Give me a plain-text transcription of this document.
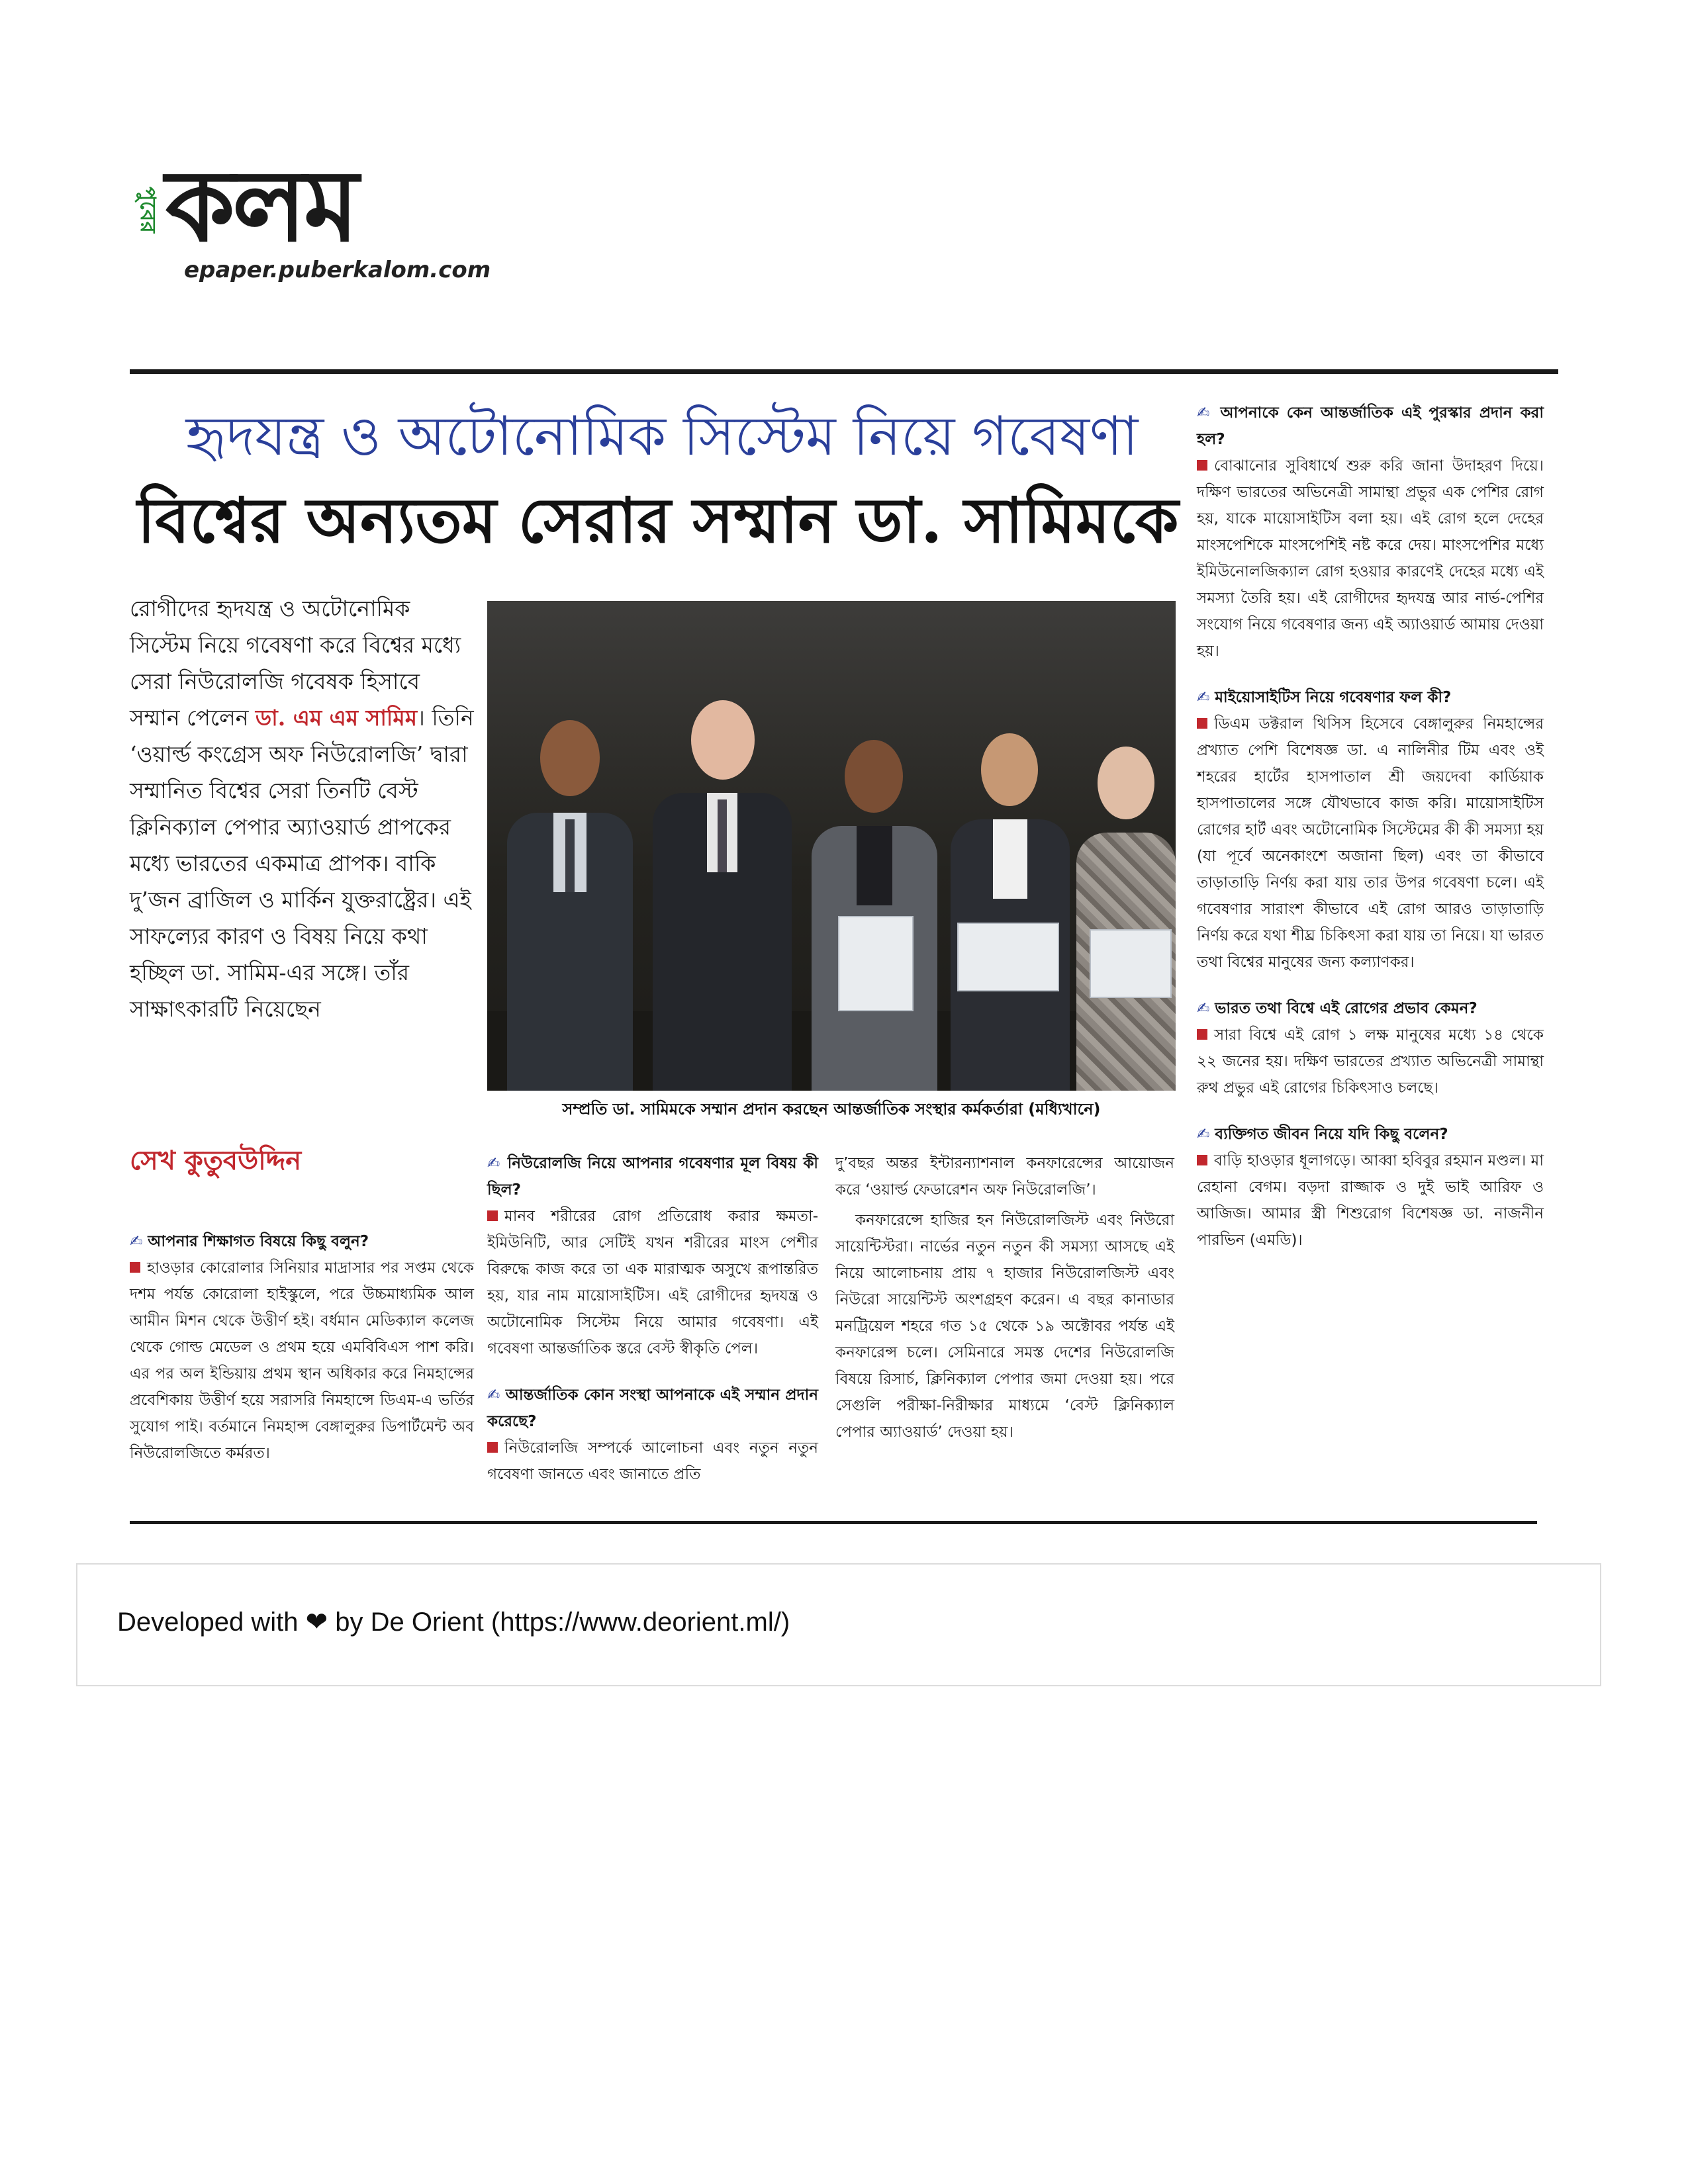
পুবের কলম
epaper.puberkalom.com
হৃদযন্ত্র ও অটোনোমিক সিস্টেম নিয়ে গবেষণা
বিশ্বের অন্যতম সেরার সম্মান ডা. সামিমকে
রোগীদের হৃদযন্ত্র ও অটোনোমিক সিস্টেম নিয়ে গবেষণা করে বিশ্বের মধ্যে সেরা নিউরোলজি গবেষক হিসাবে সম্মান পেলেন ডা. এম এম সামিম। তিনি ‘ওয়ার্ল্ড কংগ্রেস অফ নিউরোলজি’ দ্বারা সম্মানিত বিশ্বের সেরা তিনটি বেস্ট ক্লিনিক্যাল পেপার অ্যাওয়ার্ড প্রাপকের মধ্যে ভারতের একমাত্র প্রাপক। বাকি দু’জন ব্রাজিল ও মার্কিন যুক্তরাষ্ট্রের। এই সাফল্যের কারণ ও বিষয় নিয়ে কথা হচ্ছিল ডা. সামিম-এর সঙ্গে। তাঁর সাক্ষাৎকারটি নিয়েছেন
সেখ কুতুবউদ্দিন
সম্প্রতি ডা. সামিমকে সম্মান প্রদান করছেন আন্তর্জাতিক সংস্থার কর্মকর্তারা (মধ্যিখানে)
✍ আপনার শিক্ষাগত বিষয়ে কিছু বলুন?
হাওড়ার কোরোলার সিনিয়ার মাদ্রাসার পর সপ্তম থেকে দশম পর্যন্ত কোরোলা হাইস্কুলে, পরে উচ্চমাধ্যমিক আল আমীন মিশন থেকে উত্তীর্ণ হই। বর্ধমান মেডিক্যাল কলেজ থেকে গোল্ড মেডেল ও প্রথম হয়ে এমবিবিএস পাশ করি। এর পর অল ইন্ডিয়ায় প্রথম স্থান অধিকার করে নিমহান্সের প্রবেশিকায় উত্তীর্ণ হয়ে সরাসরি নিমহান্সে ডিএম-এ ভর্তির সুযোগ পাই। বর্তমানে নিমহান্স বেঙ্গালুরুর ডিপার্টমেন্ট অব নিউরোলজিতে কর্মরত।
✍ নিউরোলজি নিয়ে আপনার গবেষণার মূল বিষয় কী ছিল?
মানব শরীরের রোগ প্রতিরোধ করার ক্ষমতা-ইমিউনিটি, আর সেটিই যখন শরীরের মাংস পেশীর বিরুদ্ধে কাজ করে তা এক মারাত্মক অসুখে রূপান্তরিত হয়, যার নাম মায়োসাইটিস। এই রোগীদের হৃদযন্ত্র ও অটোনোমিক সিস্টেম নিয়ে আমার গবেষণা। এই গবেষণা আন্তর্জাতিক স্তরে বেস্ট স্বীকৃতি পেল।
✍ আন্তর্জাতিক কোন সংস্থা আপনাকে এই সম্মান প্রদান করেছে?
নিউরোলজি সম্পর্কে আলোচনা এবং নতুন নতুন গবেষণা জানতে এবং জানাতে প্রতি
দু’বছর অন্তর ইন্টারন্যাশনাল কনফারেন্সের আয়োজন করে ‘ওয়ার্ল্ড ফেডারেশন অফ নিউরোলজি’।
কনফারেন্সে হাজির হন নিউরোলজিস্ট এবং নিউরো সায়েন্টিস্টরা। নার্ভের নতুন নতুন কী সমস্যা আসছে এই নিয়ে আলোচনায় প্রায় ৭ হাজার নিউরোলজিস্ট এবং নিউরো সায়েন্টিস্ট অংশগ্রহণ করেন। এ বছর কানাডার মনট্রিয়েল শহরে গত ১৫ থেকে ১৯ অক্টোবর পর্যন্ত এই কনফারেন্স চলে। সেমিনারে সমস্ত দেশের নিউরোলজি বিষয়ে রিসার্চ, ক্লিনিক্যাল পেপার জমা দেওয়া হয়। পরে সেগুলি পরীক্ষা-নিরীক্ষার মাধ্যমে ‘বেস্ট ক্লিনিক্যাল পেপার অ্যাওয়ার্ড’ দেওয়া হয়।
✍ আপনাকে কেন আন্তর্জাতিক এই পুরস্কার প্রদান করা হল?
বোঝানোর সুবিধার্থে শুরু করি জানা উদাহরণ দিয়ে। দক্ষিণ ভারতের অভিনেত্রী সামান্থা প্রভুর এক পেশির রোগ হয়, যাকে মায়োসাইটিস বলা হয়। এই রোগ হলে দেহের মাংসপেশিকে মাংসপেশিই নষ্ট করে দেয়। মাংসপেশির মধ্যে ইমিউনোলজিক্যাল রোগ হওয়ার কারণেই দেহের মধ্যে এই সমস্যা তৈরি হয়। এই রোগীদের হৃদযন্ত্র আর নার্ভ-পেশির সংযোগ নিয়ে গবেষণার জন্য এই অ্যাওয়ার্ড আমায় দেওয়া হয়।
✍ মাইয়োসাইটিস নিয়ে গবেষণার ফল কী?
ডিএম ডক্টরাল থিসিস হিসেবে বেঙ্গালুরুর নিমহান্সের প্রখ্যাত পেশি বিশেষজ্ঞ ডা. এ নালিনীর টিম এবং ওই শহরের হার্টের হাসপাতাল শ্রী জয়দেবা কার্ডিয়াক হাসপাতালের সঙ্গে যৌথভাবে কাজ করি। মায়োসাইটিস রোগের হার্ট এবং অটোনোমিক সিস্টেমের কী কী সমস্যা হয় (যা পূর্বে অনেকাংশে অজানা ছিল) এবং তা কীভাবে তাড়াতাড়ি নির্ণয় করা যায় তার উপর গবেষণা চলে। এই গবেষণার সারাংশ কীভাবে এই রোগ আরও তাড়াতাড়ি নির্ণয় করে যথা শীঘ্র চিকিৎসা করা যায় তা নিয়ে। যা ভারত তথা বিশ্বের মানুষের জন্য কল্যাণকর।
✍ ভারত তথা বিশ্বে এই রোগের প্রভাব কেমন?
সারা বিশ্বে এই রোগ ১ লক্ষ মানুষের মধ্যে ১৪ থেকে ২২ জনের হয়। দক্ষিণ ভারতের প্রখ্যাত অভিনেত্রী সামান্থা রুথ প্রভুর এই রোগের চিকিৎসাও চলছে।
✍ ব্যক্তিগত জীবন নিয়ে যদি কিছু বলেন?
বাড়ি হাওড়ার ধূলাগড়ে। আব্বা হবিবুর রহমান মণ্ডল। মা রেহানা বেগম। বড়দা রাজ্জাক ও দুই ভাই আরিফ ও আজিজ। আমার স্ত্রী শিশুরোগ বিশেষজ্ঞ ডা. নাজনীন পারভিন (এমডি)।
Developed with ❤ by De Orient (https://www.deorient.ml/)
